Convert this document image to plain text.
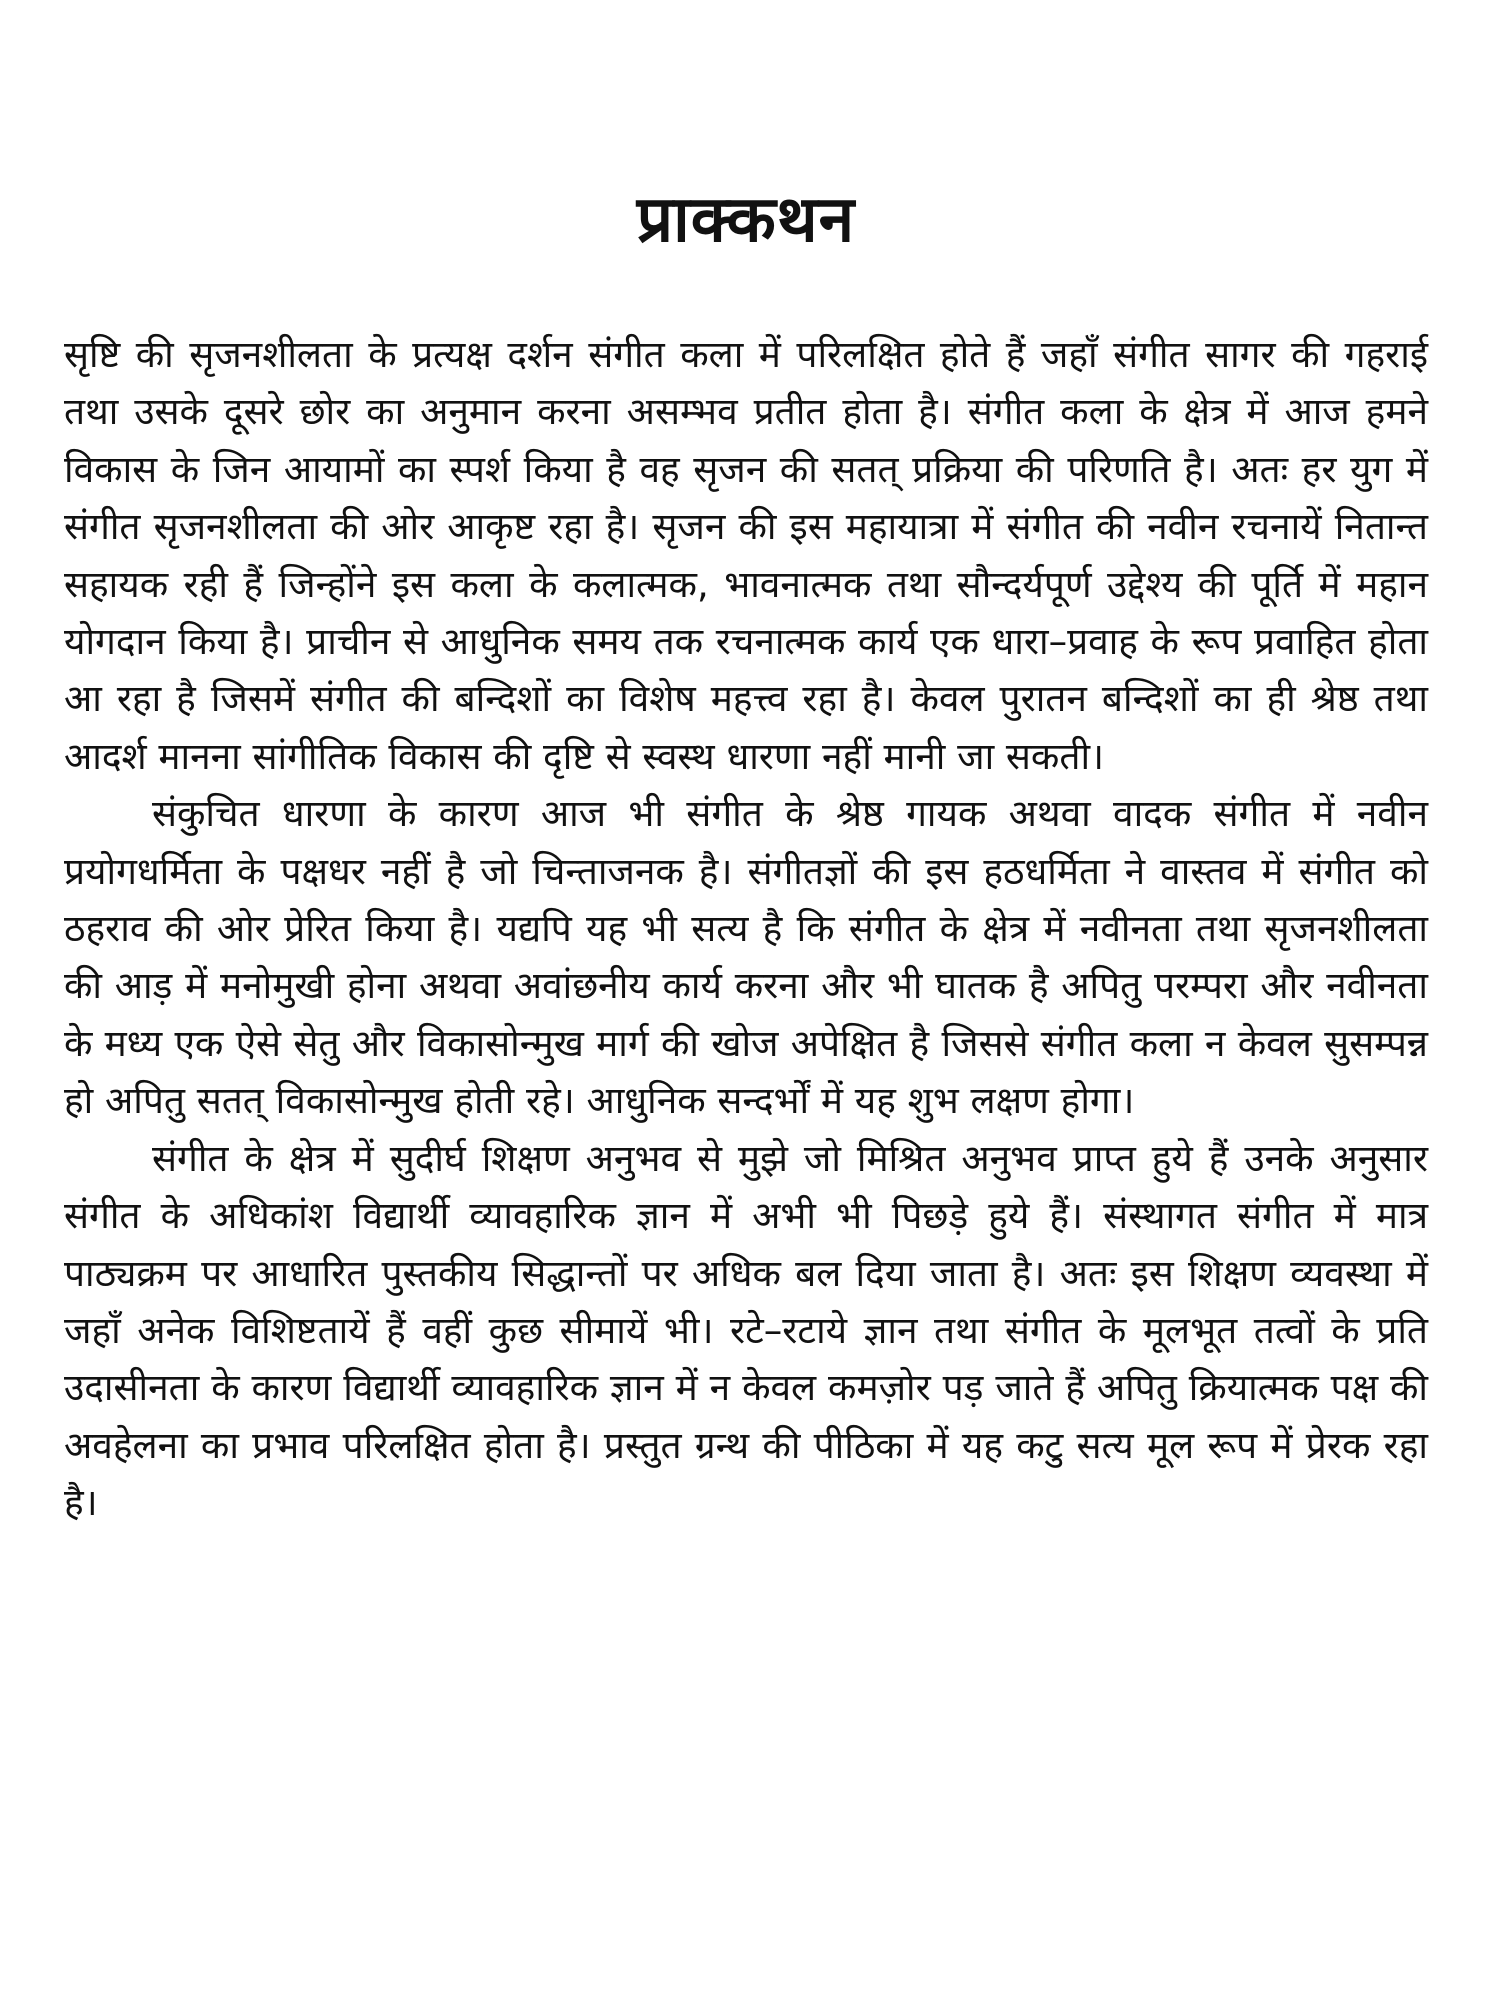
प्राक्कथन

सृष्टि की सृजनशीलता के प्रत्यक्ष दर्शन संगीत कला में परिलक्षित होते हैं जहाँ संगीत सागर की गहराई तथा उसके दूसरे छोर का अनुमान करना असम्भव प्रतीत होता है। संगीत कला के क्षेत्र में आज हमने विकास के जिन आयामों का स्पर्श किया है वह सृजन की सतत् प्रक्रिया की परिणति है। अतः हर युग में संगीत सृजनशीलता की ओर आकृष्ट रहा है। सृजन की इस महायात्रा में संगीत की नवीन रचनायें नितान्त सहायक रही हैं जिन्होंने इस कला के कलात्मक, भावनात्मक तथा सौन्दर्यपूर्ण उद्देश्य की पूर्ति में महान योगदान किया है। प्राचीन से आधुनिक समय तक रचनात्मक कार्य एक धारा–प्रवाह के रूप प्रवाहित होता आ रहा है जिसमें संगीत की बन्दिशों का विशेष महत्त्व रहा है। केवल पुरातन बन्दिशों का ही श्रेष्ठ तथा आदर्श मानना सांगीतिक विकास की दृष्टि से स्वस्थ धारणा नहीं मानी जा सकती।

संकुचित धारणा के कारण आज भी संगीत के श्रेष्ठ गायक अथवा वादक संगीत में नवीन प्रयोगधर्मिता के पक्षधर नहीं है जो चिन्ताजनक है। संगीतज्ञों की इस हठधर्मिता ने वास्तव में संगीत को ठहराव की ओर प्रेरित किया है। यद्यपि यह भी सत्य है कि संगीत के क्षेत्र में नवीनता तथा सृजनशीलता की आड़ में मनोमुखी होना अथवा अवांछनीय कार्य करना और भी घातक है अपितु परम्परा और नवीनता के मध्य एक ऐसे सेतु और विकासोन्मुख मार्ग की खोज अपेक्षित है जिससे संगीत कला न केवल सुसम्पन्न हो अपितु सतत् विकासोन्मुख होती रहे। आधुनिक सन्दर्भों में यह शुभ लक्षण होगा।

संगीत के क्षेत्र में सुदीर्घ शिक्षण अनुभव से मुझे जो मिश्रित अनुभव प्राप्त हुये हैं उनके अनुसार संगीत के अधिकांश विद्यार्थी व्यावहारिक ज्ञान में अभी भी पिछड़े हुये हैं। संस्थागत संगीत में मात्र पाठ्यक्रम पर आधारित पुस्तकीय सिद्धान्तों पर अधिक बल दिया जाता है। अतः इस शिक्षण व्यवस्था में जहाँ अनेक विशिष्टतायें हैं वहीं कुछ सीमायें भी। रटे–रटाये ज्ञान तथा संगीत के मूलभूत तत्वों के प्रति उदासीनता के कारण विद्यार्थी व्यावहारिक ज्ञान में न केवल कमज़ोर पड़ जाते हैं अपितु क्रियात्मक पक्ष की अवहेलना का प्रभाव परिलक्षित होता है। प्रस्तुत ग्रन्थ की पीठिका में यह कटु सत्य मूल रूप में प्रेरक रहा है।
